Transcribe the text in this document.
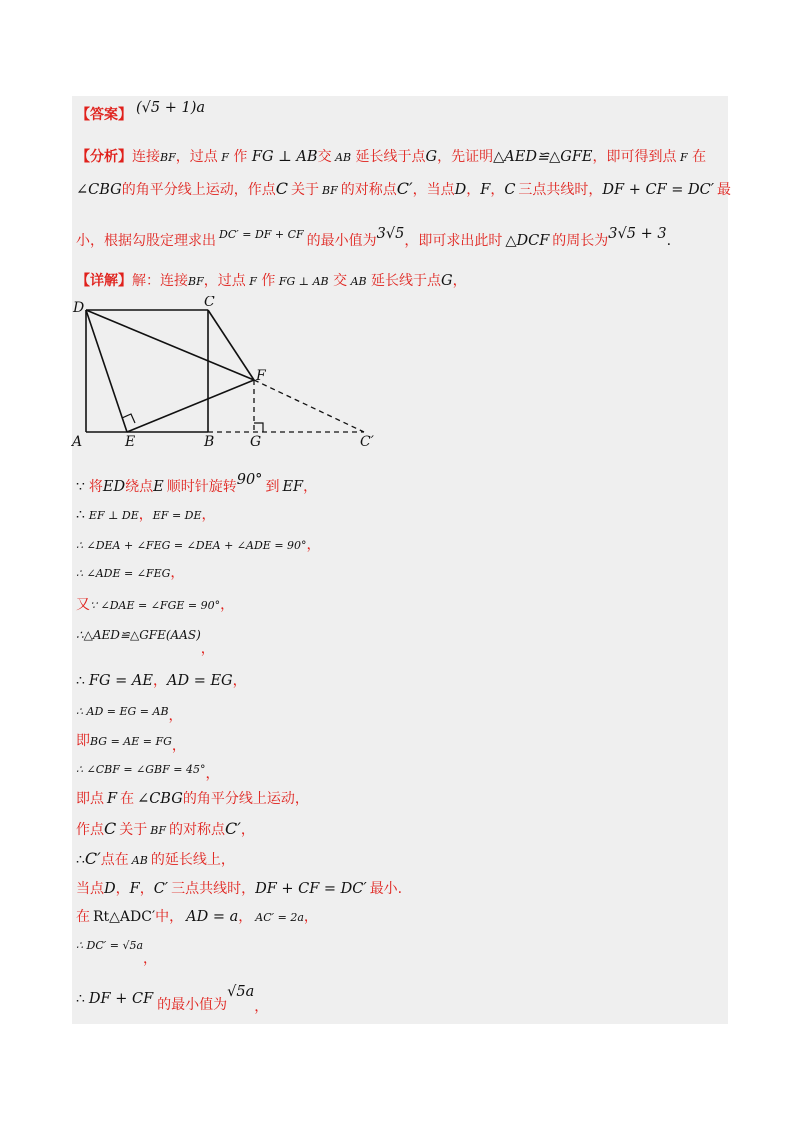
【答案】 (√5 + 1)a
【分析】连接BF，过点 F 作 FG ⊥ AB交 AB 延长线于点G，先证明△AED≌△GFE，即可得到点 F 在
∠CBG的角平分线上运动，作点C 关于 BF 的对称点C′，当点D，F，C 三点共线时，DF + CF = DC′ 最
小，根据勾股定理求出 $^{DC' = DF + CF}$ 的最小值为3√5，即可求出此时 △DCF 的周长为3√5 + 3.
【详解】解：连接BF，过点 F 作 FG ⊥ AB 交 AB 延长线于点G，
D	C
F
A	E	B	G	C′
∵ 将ED绕点E 顺时针旋转90° 到 EF，
∴ EF ⊥ DE，EF = DE，
∴ ∠DEA + ∠FEG = ∠DEA + ∠ADE = 90°，
∴ ∠ADE = ∠FEG，
又∵ ∠DAE = ∠FGE = 90°，
∴△AED≌△GFE(AAS)，
∴ FG = AE，AD = EG，
∴ AD = EG = AB，
即BG = AE = FG，
∴ ∠CBF = ∠GBF = 45°，
即点 F 在 ∠CBG的角平分线上运动，
作点C 关于 BF 的对称点C′，
∴C′点在 AB 的延长线上，
当点D，F，C′ 三点共线时，DF + CF = DC′ 最小.
在 Rt△ADC′中， AD = a， AC′ = 2a，
∴ DC′ = √5a，
∴ DF + CF 的最小值为√5a，
